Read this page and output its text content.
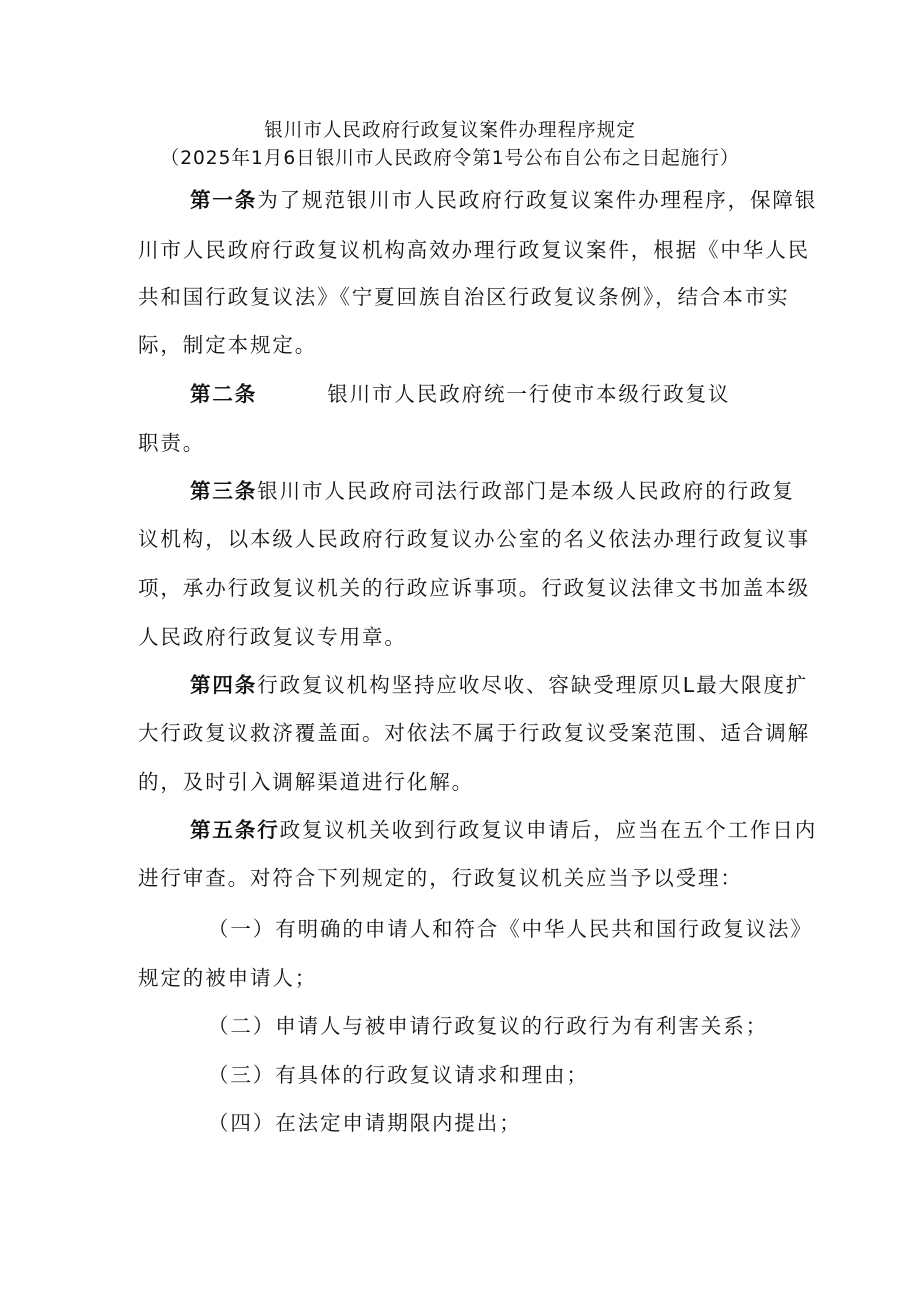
银川市人民政府行政复议案件办理程序规定
（2025年1月6日银川市人民政府令第1号公布自公布之日起施行）
第一条为了规范银川市人民政府行政复议案件办理程序，保障银
川市人民政府行政复议机构高效办理行政复议案件，根据《中华人民
共和国行政复议法》《宁夏回族自治区行政复议条例》，结合本市实
际，制定本规定。
第二条	银川市人民政府统一行使市本级行政复议
职责。
第三条银川市人民政府司法行政部门是本级人民政府的行政复
议机构，以本级人民政府行政复议办公室的名义依法办理行政复议事
项，承办行政复议机关的行政应诉事项。行政复议法律文书加盖本级
人民政府行政复议专用章。
第四条行政复议机构坚持应收尽收、容缺受理原贝L最大限度扩
大行政复议救济覆盖面。对依法不属于行政复议受案范围、适合调解
的，及时引入调解渠道进行化解。
第五条行政复议机关收到行政复议申请后，应当在五个工作日内
进行审查。对符合下列规定的，行政复议机关应当予以受理：
（一）有明确的申请人和符合《中华人民共和国行政复议法》
规定的被申请人；
（二）申请人与被申请行政复议的行政行为有利害关系；
（三）有具体的行政复议请求和理由；
（四）在法定申请期限内提出；
